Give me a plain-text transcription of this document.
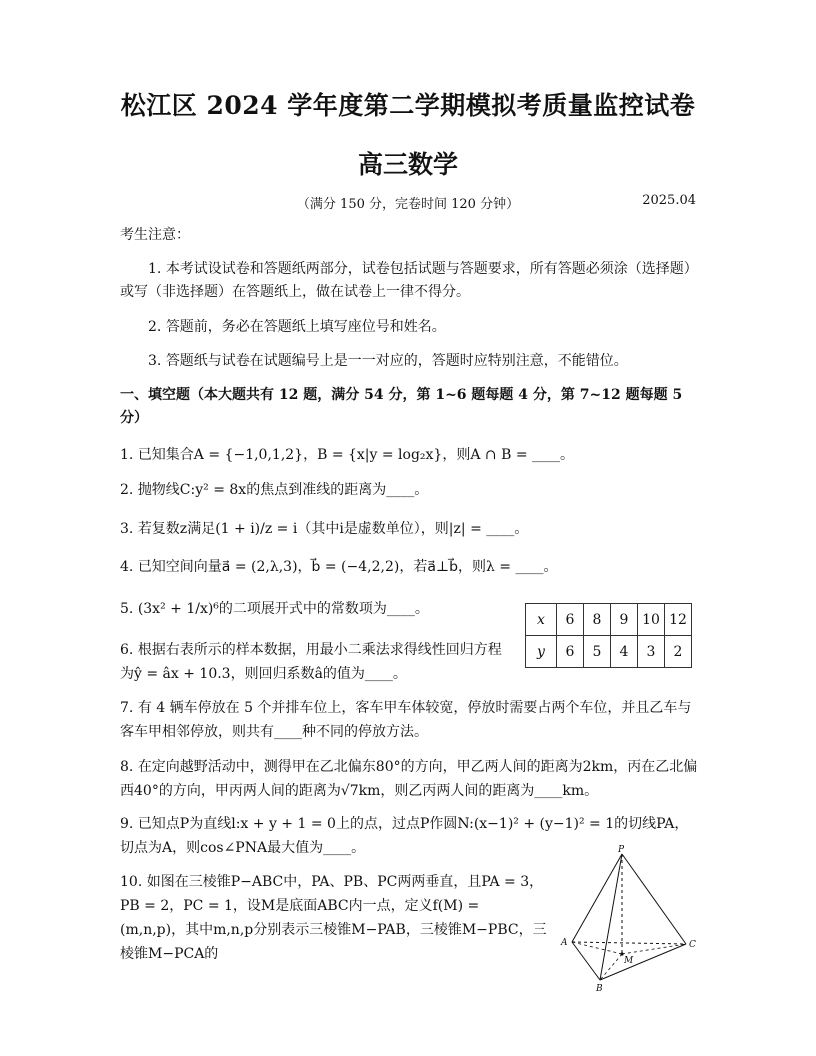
松江区 2024 学年度第二学期模拟考质量监控试卷
高三数学
（满分 150 分，完卷时间 120 分钟）	2025.04
考生注意：
1. 本考试设试卷和答题纸两部分，试卷包括试题与答题要求，所有答题必须涂（选择题）或写（非选择题）在答题纸上，做在试卷上一律不得分。
2. 答题前，务必在答题纸上填写座位号和姓名。
3. 答题纸与试卷在试题编号上是一一对应的，答题时应特别注意，不能错位。
一、填空题（本大题共有 12 题，满分 54 分，第 1~6 题每题 4 分，第 7~12 题每题 5 分）
1. 已知集合A = {−1,0,1,2}，B = {x|y = log₂x}，则A ∩ B = ____。
2. 抛物线C:y² = 8x的焦点到准线的距离为____。
3. 若复数z满足(1 + i)/z = i（其中i是虚数单位），则|z| = ____。
4. 已知空间向量a⃗ = (2,λ,3)，b⃗ = (−4,2,2)，若a⃗⊥b⃗，则λ = ____。
5. (3x² + 1/x)⁶的二项展开式中的常数项为____。
6. 根据右表所示的样本数据，用最小二乘法求得线性回归方程为ŷ = âx + 10.3，则回归系数â的值为____。
x	6	8	9	10	12
y	6	5	4	3	2
7. 有 4 辆车停放在 5 个并排车位上，客车甲车体较宽，停放时需要占两个车位，并且乙车与客车甲相邻停放，则共有____种不同的停放方法。
8. 在定向越野活动中，测得甲在乙北偏东80°的方向，甲乙两人间的距离为2km，丙在乙北偏西40°的方向，甲丙两人间的距离为√7km，则乙丙两人间的距离为____km。
9. 已知点P为直线l:x + y + 1 = 0上的点，过点P作圆N:(x−1)² + (y−1)² = 1的切线PA，切点为A，则cos∠PNA最大值为____。
10. 如图在三棱锥P−ABC中，PA、PB、PC两两垂直，且PA = 3，PB = 2，PC = 1，设M是底面ABC内一点，定义f(M) = (m,n,p)，其中m,n,p分别表示三棱锥M−PAB，三棱锥M−PBC，三棱锥M−PCA的
P
A
B
C
M
